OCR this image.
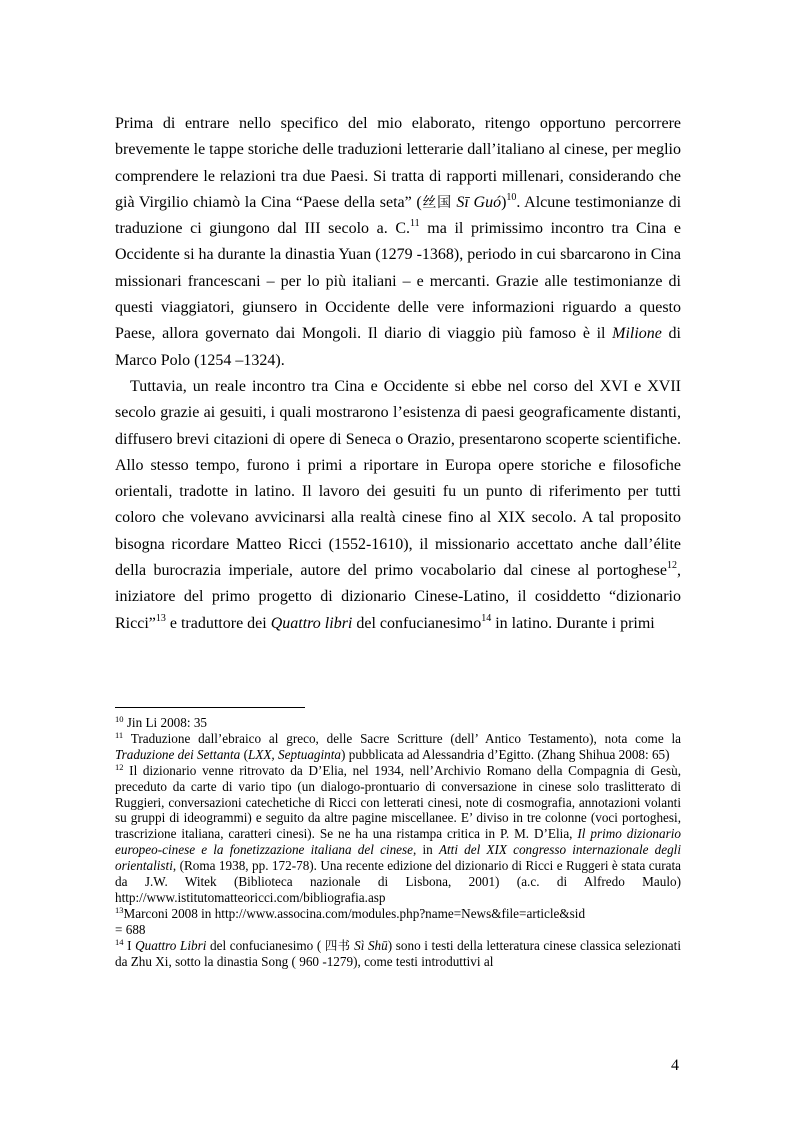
Prima di entrare nello specifico del mio elaborato, ritengo opportuno percorrere brevemente le tappe storiche delle traduzioni letterarie dall’italiano al cinese, per meglio comprendere le relazioni tra due Paesi. Si tratta di rapporti millenari, considerando che già Virgilio chiamò la Cina “Paese della seta” (丝国 Sī Guó)$^{10}$. Alcune testimonianze di traduzione ci giungono dal III secolo a. C.$^{11}$ ma il primissimo incontro tra Cina e Occidente si ha durante la dinastia Yuan (1279 -1368), periodo in cui sbarcarono in Cina missionari francescani – per lo più italiani – e mercanti. Grazie alle testimonianze di questi viaggiatori, giunsero in Occidente delle vere informazioni riguardo a questo Paese, allora governato dai Mongoli. Il diario di viaggio più famoso è il Milione di Marco Polo (1254 –1324).

Tuttavia, un reale incontro tra Cina e Occidente si ebbe nel corso del XVI e XVII secolo grazie ai gesuiti, i quali mostrarono l’esistenza di paesi geograficamente distanti, diffusero brevi citazioni di opere di Seneca o Orazio, presentarono scoperte scientifiche. Allo stesso tempo, furono i primi a riportare in Europa opere storiche e filosofiche orientali, tradotte in latino. Il lavoro dei gesuiti fu un punto di riferimento per tutti coloro che volevano avvicinarsi alla realtà cinese fino al XIX secolo. A tal proposito bisogna ricordare Matteo Ricci (1552-1610), il missionario accettato anche dall’élite della burocrazia imperiale, autore del primo vocabolario dal cinese al portoghese$^{12}$, iniziatore del primo progetto di dizionario Cinese-Latino, il cosiddetto “dizionario Ricci”$^{13}$ e traduttore dei Quattro libri del confucianesimo$^{14}$ in latino. Durante i primi

$^{10}$ Jin Li 2008: 35

$^{11}$ Traduzione dall’ebraico al greco, delle Sacre Scritture (dell’ Antico Testamento), nota come la Traduzione dei Settanta (LXX, Septuaginta) pubblicata ad Alessandria d’Egitto. (Zhang Shihua 2008: 65)

$^{12}$ Il dizionario venne ritrovato da D’Elia, nel 1934, nell’Archivio Romano della Compagnia di Gesù, preceduto da carte di vario tipo (un dialogo-prontuario di conversazione in cinese solo traslitterato di Ruggieri, conversazioni catechetiche di Ricci con letterati cinesi, note di cosmografia, annotazioni volanti su gruppi di ideogrammi) e seguito da altre pagine miscellanee. E’ diviso in tre colonne (voci portoghesi, trascrizione italiana, caratteri cinesi). Se ne ha una ristampa critica in P. M. D’Elia, Il primo dizionario europeo-cinese e la fonetizzazione italiana del cinese, in Atti del XIX congresso internazionale degli orientalisti, (Roma 1938, pp. 172-78). Una recente edizione del dizionario di Ricci e Ruggeri è stata curata da J.W. Witek (Biblioteca nazionale di Lisbona, 2001) (a.c. di Alfredo Maulo) http://www.istitutomatteoricci.com/bibliografia.asp

$^{13}$Marconi 2008 in http://www.associna.com/modules.php?name=News&file=article&sid
= 688

$^{14}$ I Quattro Libri del confucianesimo ( 四书 Sì Shū) sono i testi della letteratura cinese classica selezionati da Zhu Xi, sotto la dinastia Song ( 960 -1279), come testi introduttivi al

4
